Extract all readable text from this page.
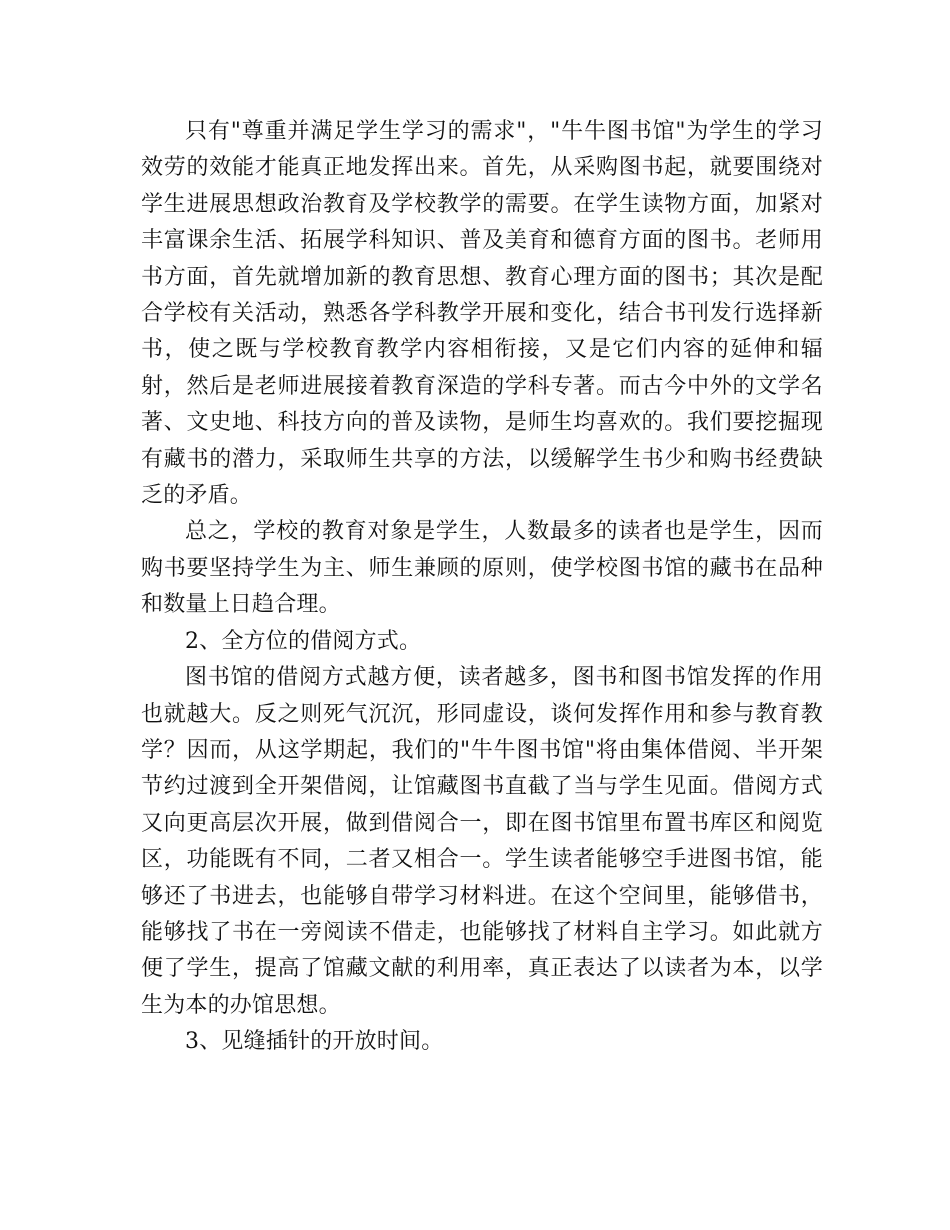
只有"尊重并满足学生学习的需求"，"牛牛图书馆"为学生的学习效劳的效能才能真正地发挥出来。首先，从采购图书起，就要围绕对学生进展思想政治教育及学校教学的需要。在学生读物方面，加紧对丰富课余生活、拓展学科知识、普及美育和德育方面的图书。老师用书方面，首先就增加新的教育思想、教育心理方面的图书；其次是配合学校有关活动，熟悉各学科教学开展和变化，结合书刊发行选择新书，使之既与学校教育教学内容相衔接，又是它们内容的延伸和辐射，然后是老师进展接着教育深造的学科专著。而古今中外的文学名著、文史地、科技方向的普及读物，是师生均喜欢的。我们要挖掘现有藏书的潜力，采取师生共享的方法，以缓解学生书少和购书经费缺乏的矛盾。

总之，学校的教育对象是学生，人数最多的读者也是学生，因而购书要坚持学生为主、师生兼顾的原则，使学校图书馆的藏书在品种和数量上日趋合理。

2、全方位的借阅方式。

图书馆的借阅方式越方便，读者越多，图书和图书馆发挥的作用也就越大。反之则死气沉沉，形同虚设，谈何发挥作用和参与教育教学？因而，从这学期起，我们的"牛牛图书馆"将由集体借阅、半开架节约过渡到全开架借阅，让馆藏图书直截了当与学生见面。借阅方式又向更高层次开展，做到借阅合一，即在图书馆里布置书库区和阅览区，功能既有不同，二者又相合一。学生读者能够空手进图书馆，能够还了书进去，也能够自带学习材料进。在这个空间里，能够借书，能够找了书在一旁阅读不借走，也能够找了材料自主学习。如此就方便了学生，提高了馆藏文献的利用率，真正表达了以读者为本，以学生为本的办馆思想。

3、见缝插针的开放时间。
